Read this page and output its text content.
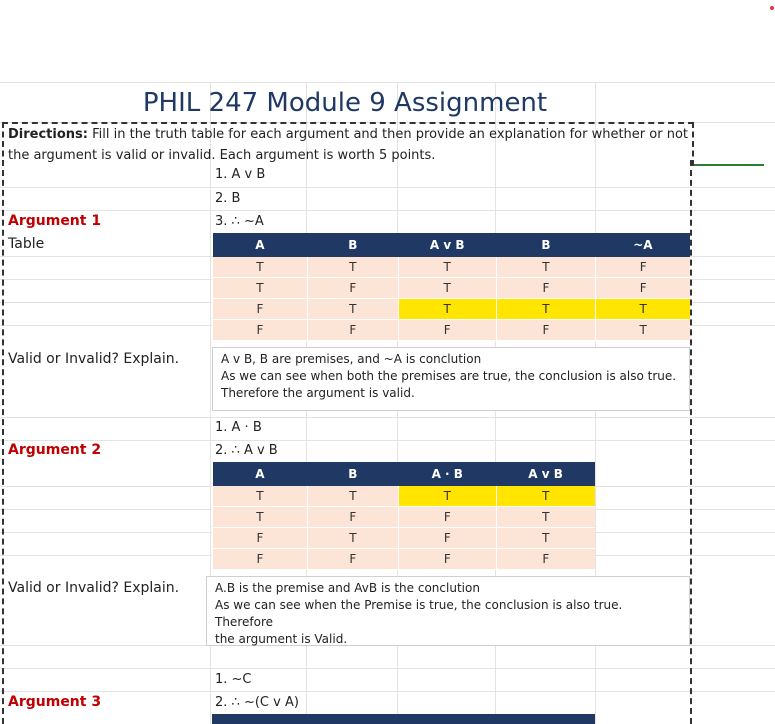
PHIL 247 Module 9 Assignment
Directions: Fill in the truth table for each argument and then provide an explanation for whether or not the argument is valid or invalid. Each argument is worth 5 points.
1. A v B
2. B
3. ∴ ~A
Argument 1
Table	A	B	A v B	B	~A
T	T	T	T	F
T	F	T	F	F
F	T	T	T	T
F	F	F	F	T
Valid or Invalid? Explain.	A v B, B are premises, and ~A is conclution
As we can see when both the premises are true, the conclusion is also true.
Therefore the argument is valid.
1. A · B
2. ∴ A v B
Argument 2
A	B	A · B	A v B
T	T	T	T
T	F	F	T
F	T	F	T
F	F	F	F
Valid or Invalid? Explain.	A.B is the premise and AvB is the conclution
As we can see when the Premise is true, the conclusion is also true. Therefore
the argument is Valid.
1. ~C
2. ∴ ~(C v A)
Argument 3
